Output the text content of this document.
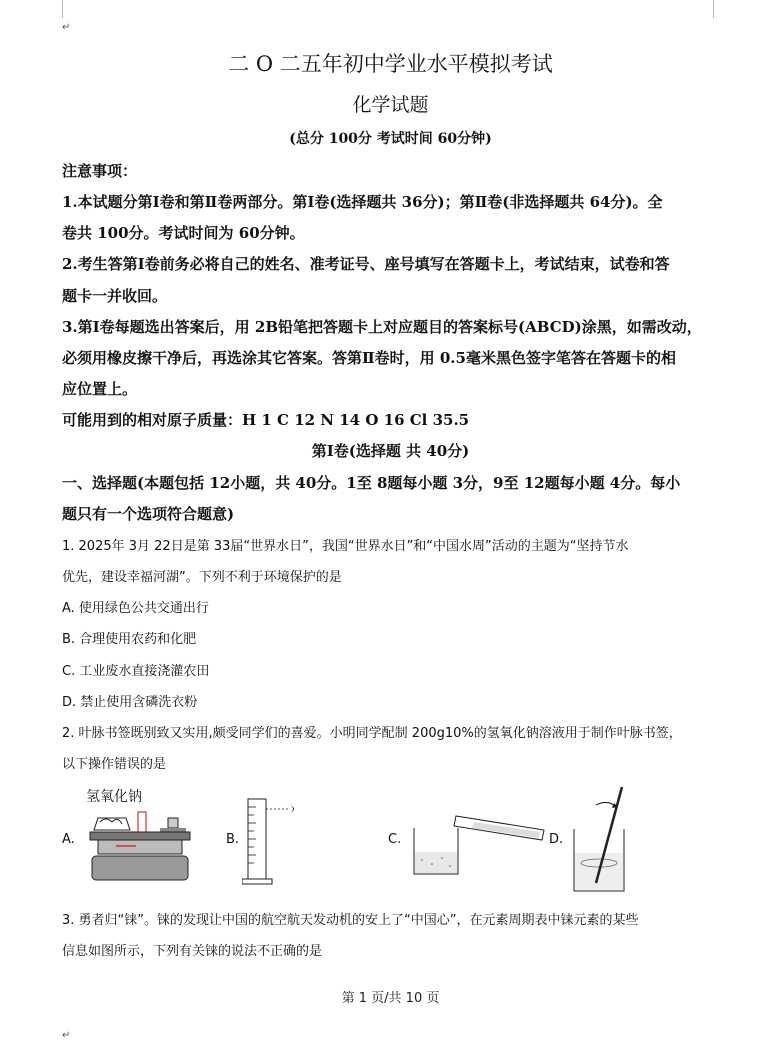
↵
二 O 二五年初中学业水平模拟考试
化学试题
(总分 100分 考试时间 60分钟)
注意事项：
1.本试题分第Ⅰ卷和第Ⅱ卷两部分。第Ⅰ卷(选择题共 36分)；第Ⅱ卷(非选择题共 64分)。全
卷共 100分。考试时间为 60分钟。
2.考生答第Ⅰ卷前务必将自己的姓名、准考证号、座号填写在答题卡上，考试结束，试卷和答
题卡一并收回。
3.第Ⅰ卷每题选出答案后，用 2B铅笔把答题卡上对应题目的答案标号(ABCD)涂黑，如需改动，
必须用橡皮擦干净后，再选涂其它答案。答第Ⅱ卷时，用 0.5毫米黑色签字笔答在答题卡的相
应位置上。
可能用到的相对原子质量：H 1 C 12 N 14 O 16 Cl 35.5
第Ⅰ卷(选择题 共 40分)
一、选择题(本题包括 12小题，共 40分。1至 8题每小题 3分，9至 12题每小题 4分。每小
题只有一个选项符合题意)
1. 2025年 3月 22日是第 33届“世界水日”，我国“世界水日”和“中国水周”活动的主题为“坚持节水
优先，建设幸福河湖”。下列不利于环境保护的是
A. 使用绿色公共交通出行
B. 合理使用农药和化肥
C. 工业废水直接浇灌农田
D. 禁止使用含磷洗衣粉
2. 叶脉书签既别致又实用,颇受同学们的喜爱。小明同学配制 200g10%的氢氧化钠溶液用于制作叶脉书签，
以下操作错误的是
A.
氢氧化钠
B.	C.	D.
3. 勇者归“铼”。铼的发现让中国的航空航天发动机的安上了“中国心”，在元素周期表中铼元素的某些
信息如图所示，下列有关铼的说法不正确的是
第 1 页/共 10 页
↵
